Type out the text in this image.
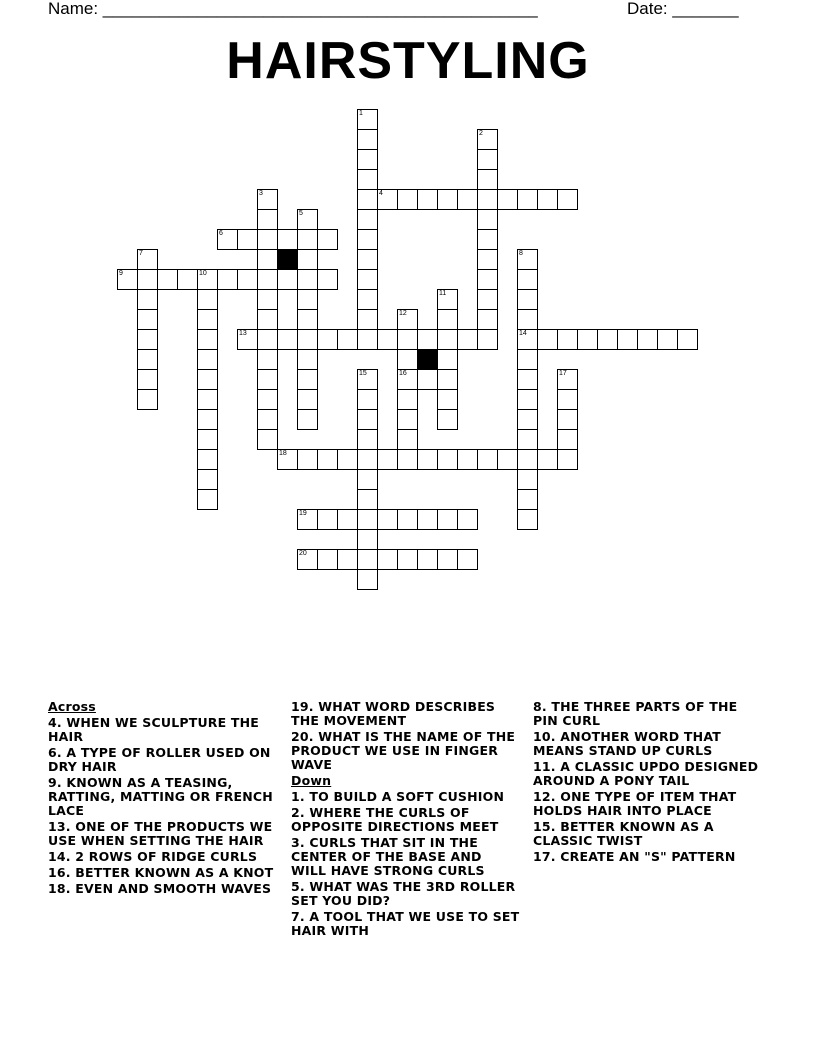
Name: ______________________________________________	Date: _______
HAIRSTYLING
1
2
3	4
5
6
7	8
14
9	10
11
12
16
13
15	17
18
19
20
Across
4. WHEN WE SCULPTURE THE HAIR
6. A TYPE OF ROLLER USED ON DRY HAIR
9. KNOWN AS A TEASING, RATTING, MATTING OR FRENCH LACE
13. ONE OF THE PRODUCTS WE USE WHEN SETTING THE HAIR
14. 2 ROWS OF RIDGE CURLS
16. BETTER KNOWN AS A KNOT
18. EVEN AND SMOOTH WAVES
19. WHAT WORD DESCRIBES THE MOVEMENT
20. WHAT IS THE NAME OF THE PRODUCT WE USE IN FINGER WAVE
Down
1. TO BUILD A SOFT CUSHION
2. WHERE THE CURLS OF OPPOSITE DIRECTIONS MEET
3. CURLS THAT SIT IN THE CENTER OF THE BASE AND WILL HAVE STRONG CURLS
5. WHAT WAS THE 3RD ROLLER SET YOU DID?
7. A TOOL THAT WE USE TO SET HAIR WITH
8. THE THREE PARTS OF THE PIN CURL
10. ANOTHER WORD THAT MEANS STAND UP CURLS
11. A CLASSIC UPDO DESIGNED AROUND A PONY TAIL
12. ONE TYPE OF ITEM THAT HOLDS HAIR INTO PLACE
15. BETTER KNOWN AS A CLASSIC TWIST
17. CREATE AN "S" PATTERN
